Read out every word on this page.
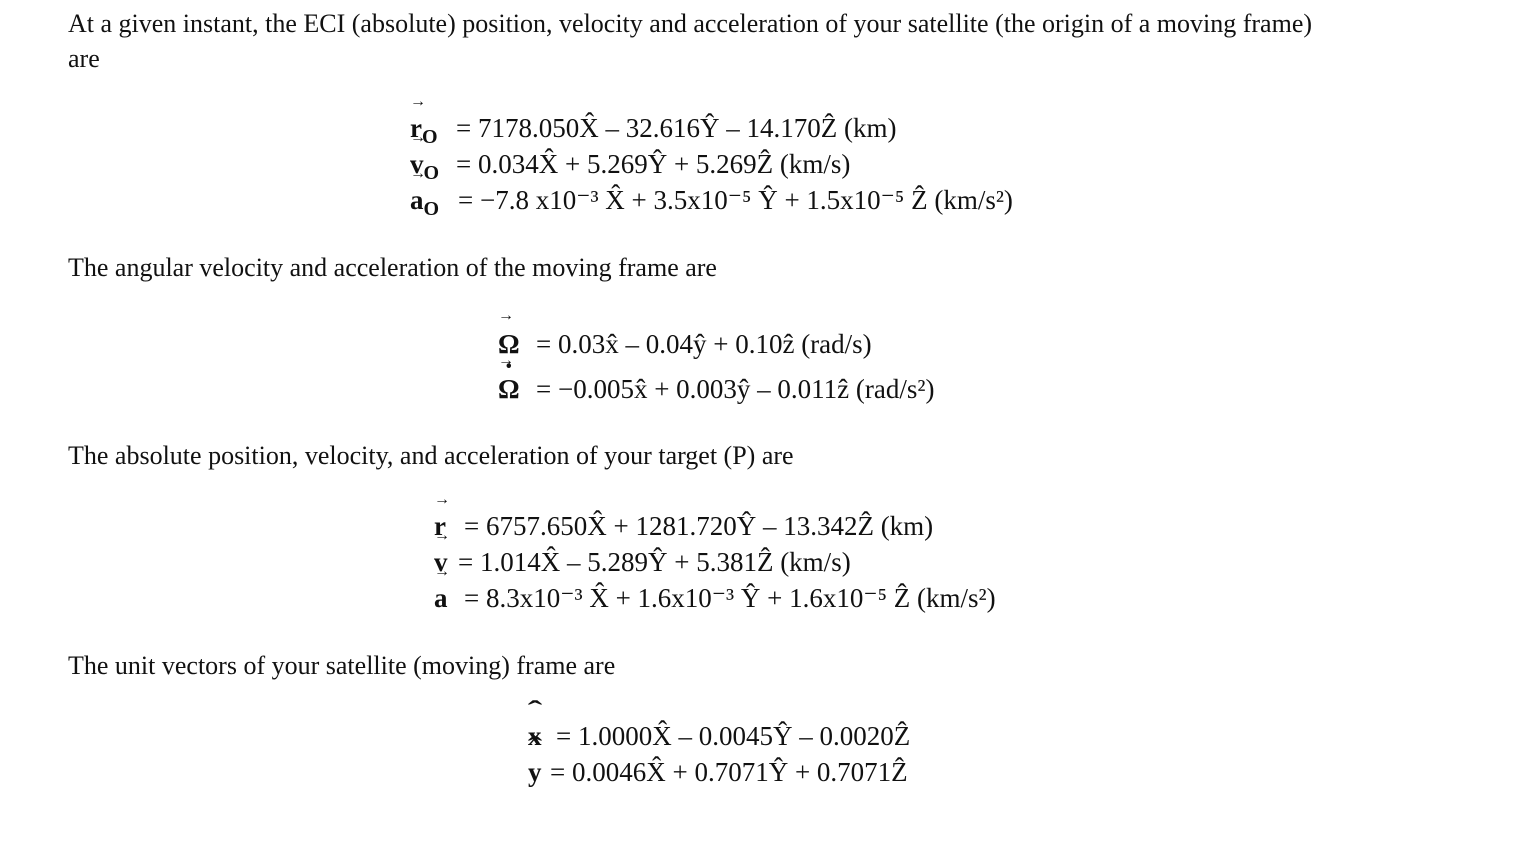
At a given instant, the ECI (absolute) position, velocity and acceleration of your satellite (the origin of a moving frame)
are
→ $r_O$ = 7178.050X̂ – 32.616Ŷ – 14.170Ẑ (km)
→ $v_O$ = 0.034X̂ + 5.269Ŷ + 5.269Ẑ (km/s)
→ $a_O = -7.8$ x10⁻³ X̂ + 3.5x10⁻⁵ Ŷ + 1.5x10⁻⁵ Ẑ (km/s²)
The angular velocity and acceleration of the moving frame are
→ Ω = 0.03x̂ – 0.04ŷ + 0.10ẑ (rad/s)
→ Ω · = −0.005x̂ + 0.003ŷ – 0.011ẑ (rad/s²)
The absolute position, velocity, and acceleration of your target (P) are
→ r = 6757.650X̂ + 1281.720Ŷ – 13.342Ẑ (km)
→ v = 1.014X̂ – 5.289Ŷ + 5.381Ẑ (km/s)
→ a = 8.3x10⁻³ X̂ + 1.6x10⁻³ Ŷ + 1.6x10⁻⁵ Ẑ (km/s²)
The unit vectors of your satellite (moving) frame are
ˆ x = 1.0000X̂ – 0.0045Ŷ – 0.0020Ẑ
ˆ y = 0.0046X̂ + 0.7071Ŷ + 0.7071Ẑ
